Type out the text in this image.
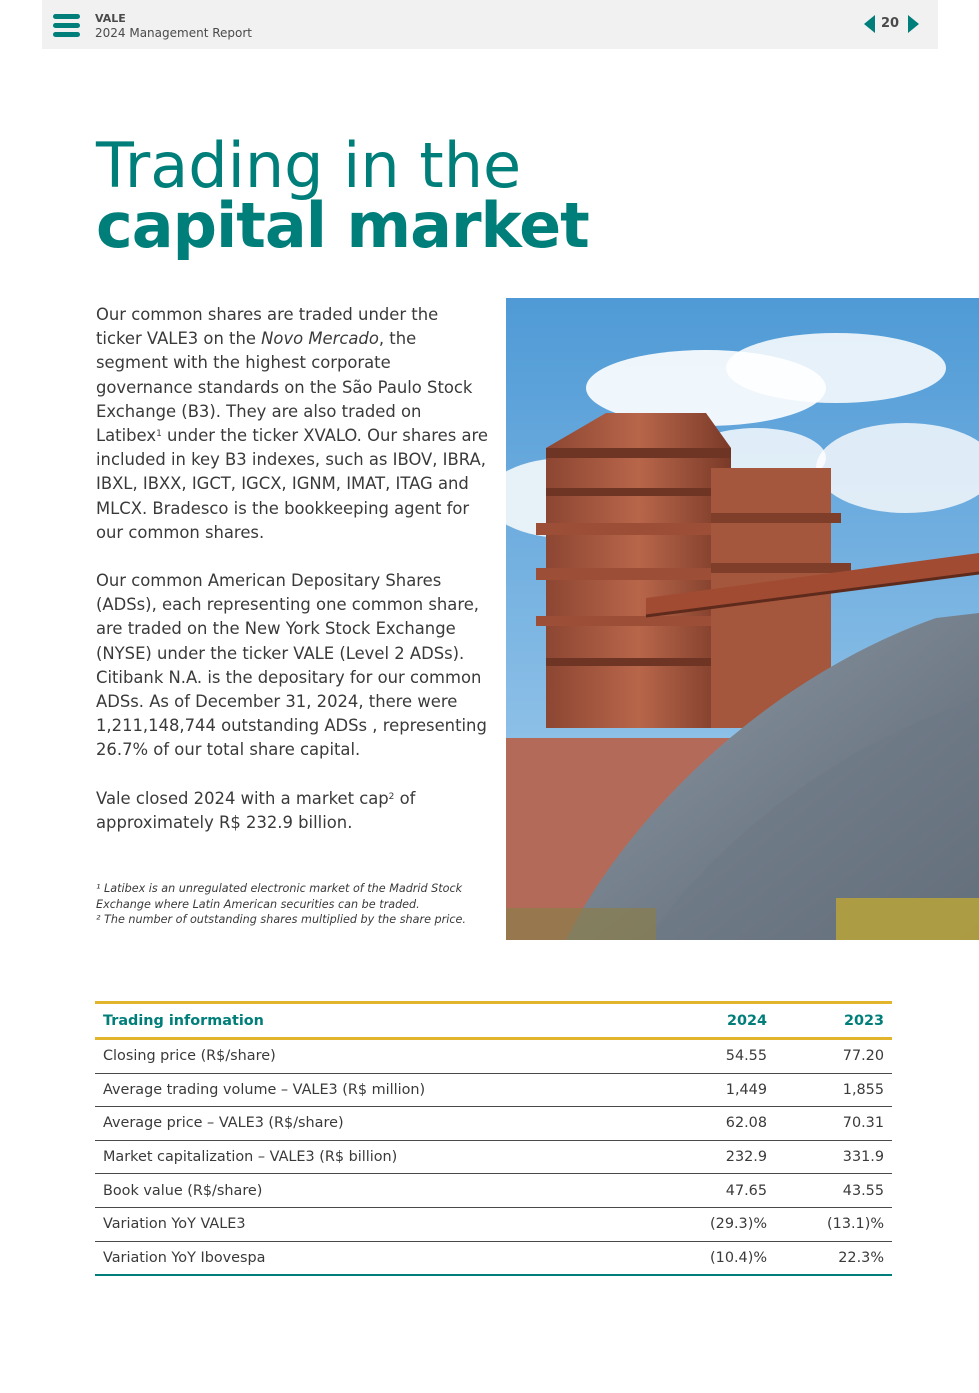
VALE
2024 Management Report
20
Trading in the
capital market

Our common shares are traded under the ticker VALE3 on the Novo Mercado, the segment with the highest corporate governance standards on the São Paulo Stock Exchange (B3). They are also traded on Latibex$^1$ under the ticker XVALO. Our shares are included in key B3 indexes, such as IBOV, IBRA, IBXL, IBXX, IGCT, IGCX, IGNM, IMAT, ITAG and MLCX. Bradesco is the bookkeeping agent for our common shares.

Our common American Depositary Shares (ADSs), each representing one common share, are traded on the New York Stock Exchange (NYSE) under the ticker VALE (Level 2 ADSs). Citibank N.A. is the depositary for our common ADSs. As of December 31, 2024, there were 1,211,148,744 outstanding ADSs , representing 26.7% of our total share capital.

Vale closed 2024 with a market cap$^2$ of approximately R$ 232.9 billion.

¹ Latibex is an unregulated electronic market of the Madrid Stock Exchange where Latin American securities can be traded.

² The number of outstanding shares multiplied by the share price.

Trading information	2024	2023
Closing price (R$/share)	54.55	77.20
Average trading volume – VALE3 (R$ million)	1,449	1,855
Average price – VALE3 (R$/share)	62.08	70.31
Market capitalization – VALE3 (R$ billion)	232.9	331.9
Book value (R$/share)	47.65	43.55
Variation YoY VALE3	(29.3)%	(13.1)%
Variation YoY Ibovespa	(10.4)%	22.3%
